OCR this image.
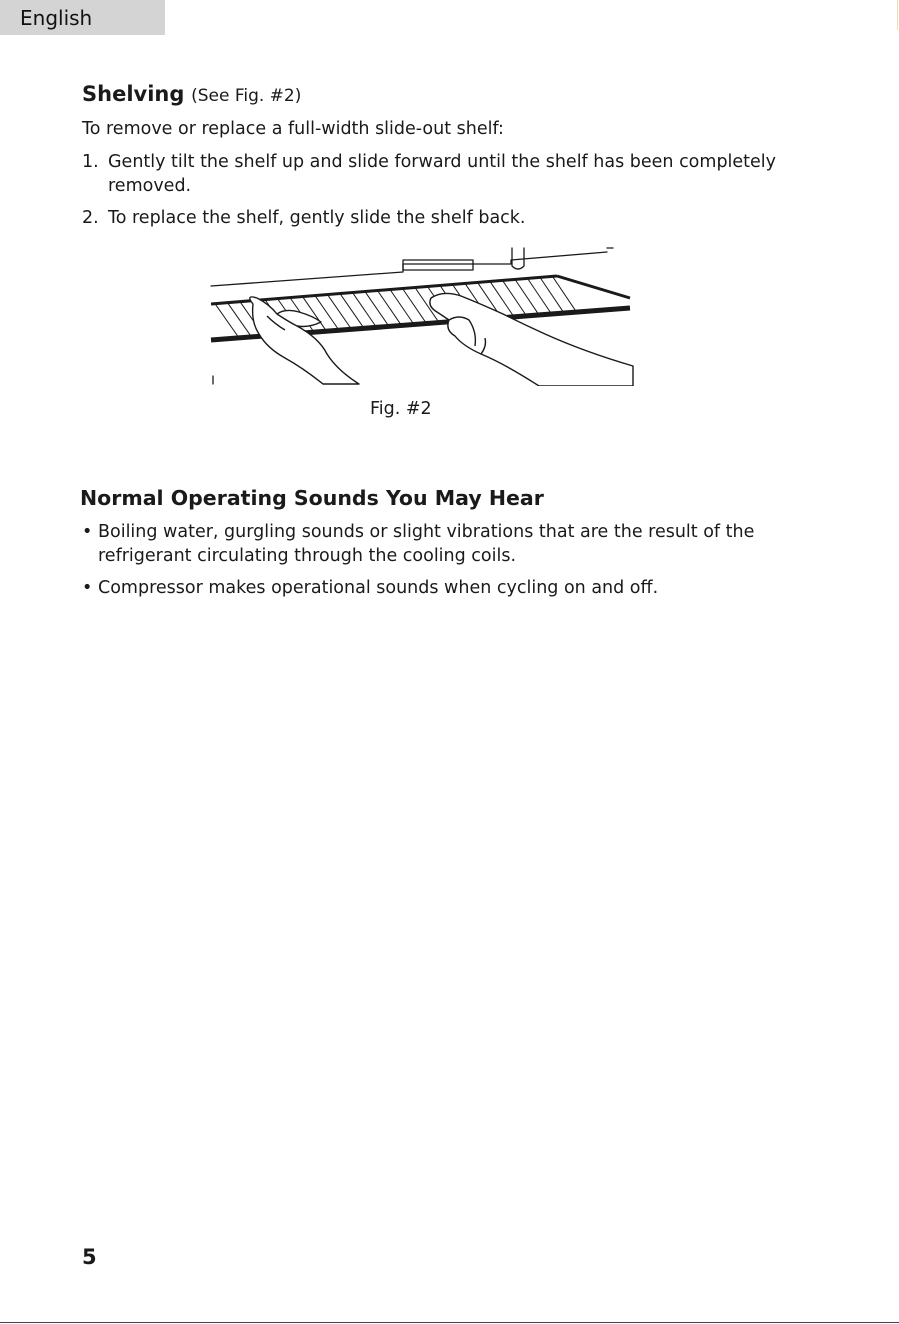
English
Shelving (See Fig. #2)
To remove or replace a full-width slide-out shelf:
1. Gently tilt the shelf up and slide forward until the shelf has been completely removed.
2. To replace the shelf, gently slide the shelf back.
Fig. #2
Normal Operating Sounds You May Hear
• Boiling water, gurgling sounds or slight vibrations that are the result of the refrigerant circulating through the cooling coils.
• Compressor makes operational sounds when cycling on and off.
5
